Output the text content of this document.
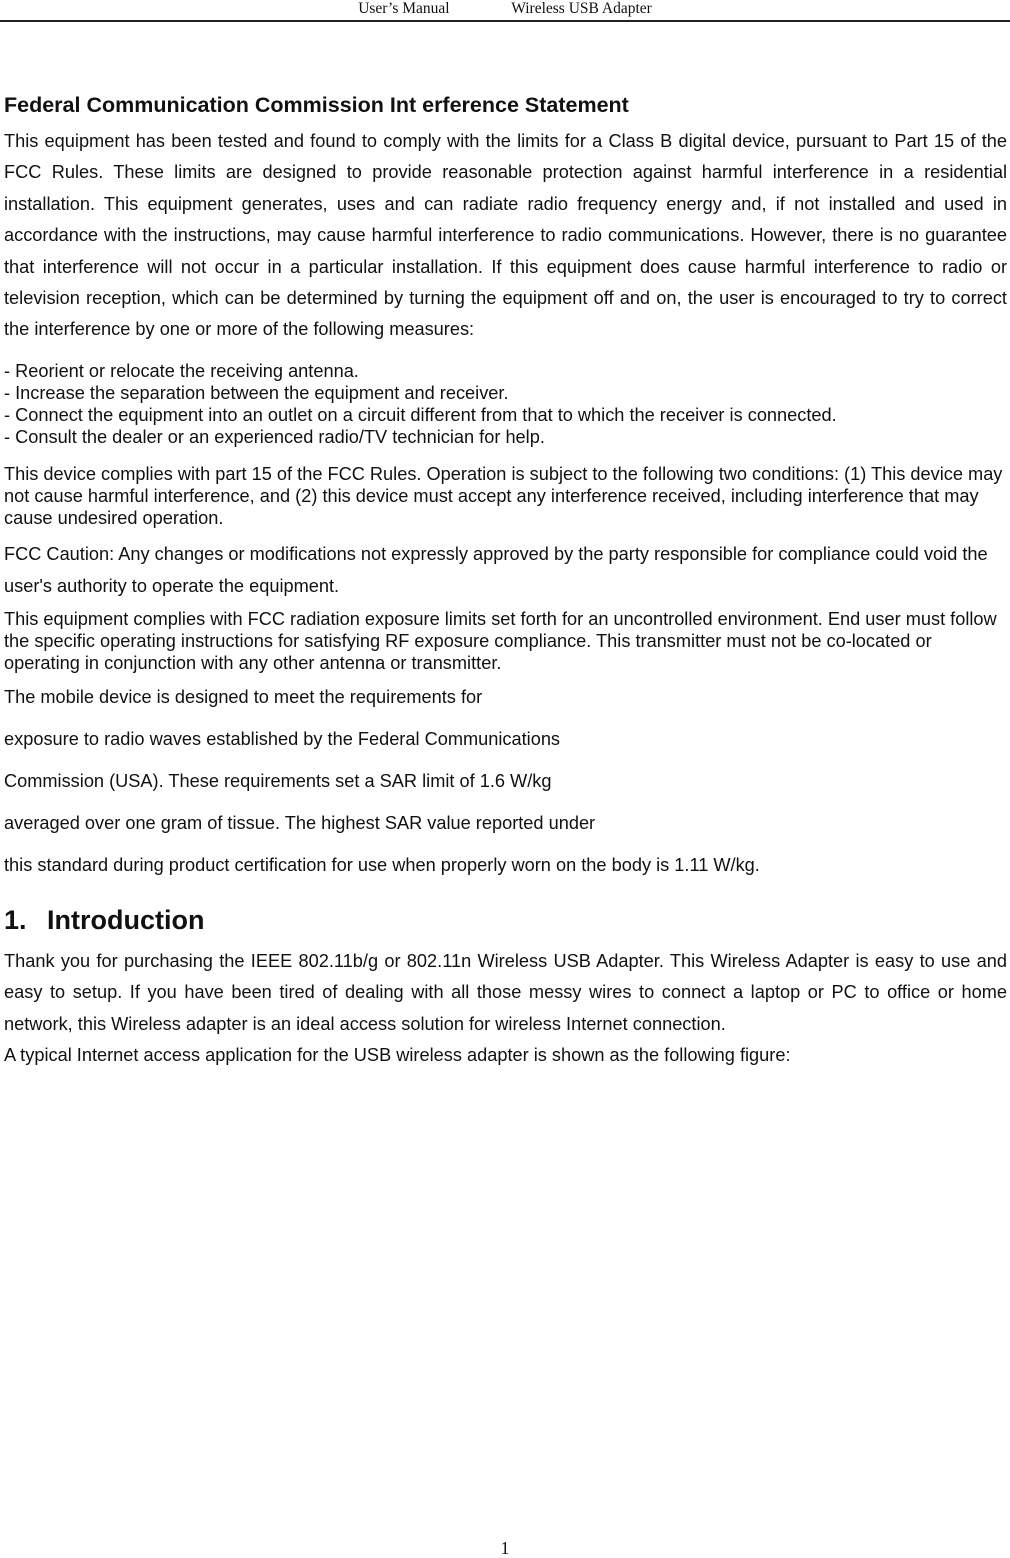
User’s Manual	Wireless USB Adapter
Federal Communication Commission Int erference Statement

This equipment has been tested and found to comply with the limits for a Class B digital device, pursuant to Part 15 of the FCC Rules. These limits are designed to provide reasonable protection against harmful interference in a residential installation. This equipment generates, uses and can radiate radio frequency energy and, if not installed and used in accordance with the instructions, may cause harmful interference to radio communications. However, there is no guarantee that interference will not occur in a particular installation. If this equipment does cause harmful interference to radio or television reception, which can be determined by turning the equipment off and on, the user is encouraged to try to correct the interference by one or more of the following measures:

- Reorient or relocate the receiving antenna.
- Increase the separation between the equipment and receiver.
- Connect the equipment into an outlet on a circuit different from that to which the receiver is connected.
- Consult the dealer or an experienced radio/TV technician for help.

This device complies with part 15 of the FCC Rules. Operation is subject to the following two conditions: (1) This device may not cause harmful interference, and (2) this device must accept any interference received, including interference that may cause undesired operation.

FCC Caution: Any changes or modifications not expressly approved by the party responsible for compliance could void the user's authority to operate the equipment.

This equipment complies with FCC radiation exposure limits set forth for an uncontrolled environment. End user must follow the specific operating instructions for satisfying RF exposure compliance. This transmitter must not be co-located or operating in conjunction with any other antenna or transmitter.

The mobile device is designed to meet the requirements for
exposure to radio waves established by the Federal Communications
Commission (USA). These requirements set a SAR limit of 1.6 W/kg
averaged over one gram of tissue. The highest SAR value reported under
this standard during product certification for use when properly worn on the body is 1.11 W/kg.
1. Introduction

Thank you for purchasing the IEEE 802.11b/g or 802.11n Wireless USB Adapter. This Wireless Adapter is easy to use and easy to setup. If you have been tired of dealing with all those messy wires to connect a laptop or PC to office or home network, this Wireless adapter is an ideal access solution for wireless Internet connection.

A typical Internet access application for the USB wireless adapter is shown as the following figure:

1
